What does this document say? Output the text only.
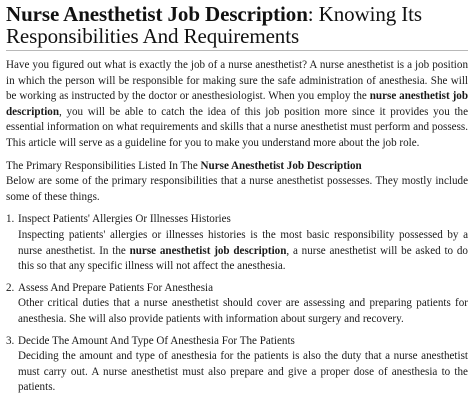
Nurse Anesthetist Job Description: Knowing Its Responsibilities And Requirements

Have you figured out what is exactly the job of a nurse anesthetist? A nurse anesthetist is a job position in which the person will be responsible for making sure the safe administration of anesthesia. She will be working as instructed by the doctor or anesthesiologist. When you employ the nurse anesthetist job description, you will be able to catch the idea of this job position more since it provides you the essential information on what requirements and skills that a nurse anesthetist must perform and possess. This article will serve as a guideline for you to make you understand more about the job role.

The Primary Responsibilities Listed In The Nurse Anesthetist Job Description

Below are some of the primary responsibilities that a nurse anesthetist possesses. They mostly include some of these things.

1. Inspect Patients' Allergies Or Illnesses Histories

Inspecting patients' allergies or illnesses histories is the most basic responsibility possessed by a nurse anesthetist. In the nurse anesthetist job description, a nurse anesthetist will be asked to do this so that any specific illness will not affect the anesthesia.

2. Assess And Prepare Patients For Anesthesia

Other critical duties that a nurse anesthetist should cover are assessing and preparing patients for anesthesia. She will also provide patients with information about surgery and recovery.

3. Decide The Amount And Type Of Anesthesia For The Patients

Deciding the amount and type of anesthesia for the patients is also the duty that a nurse anesthetist must carry out. A nurse anesthetist must also prepare and give a proper dose of anesthesia to the patients.
